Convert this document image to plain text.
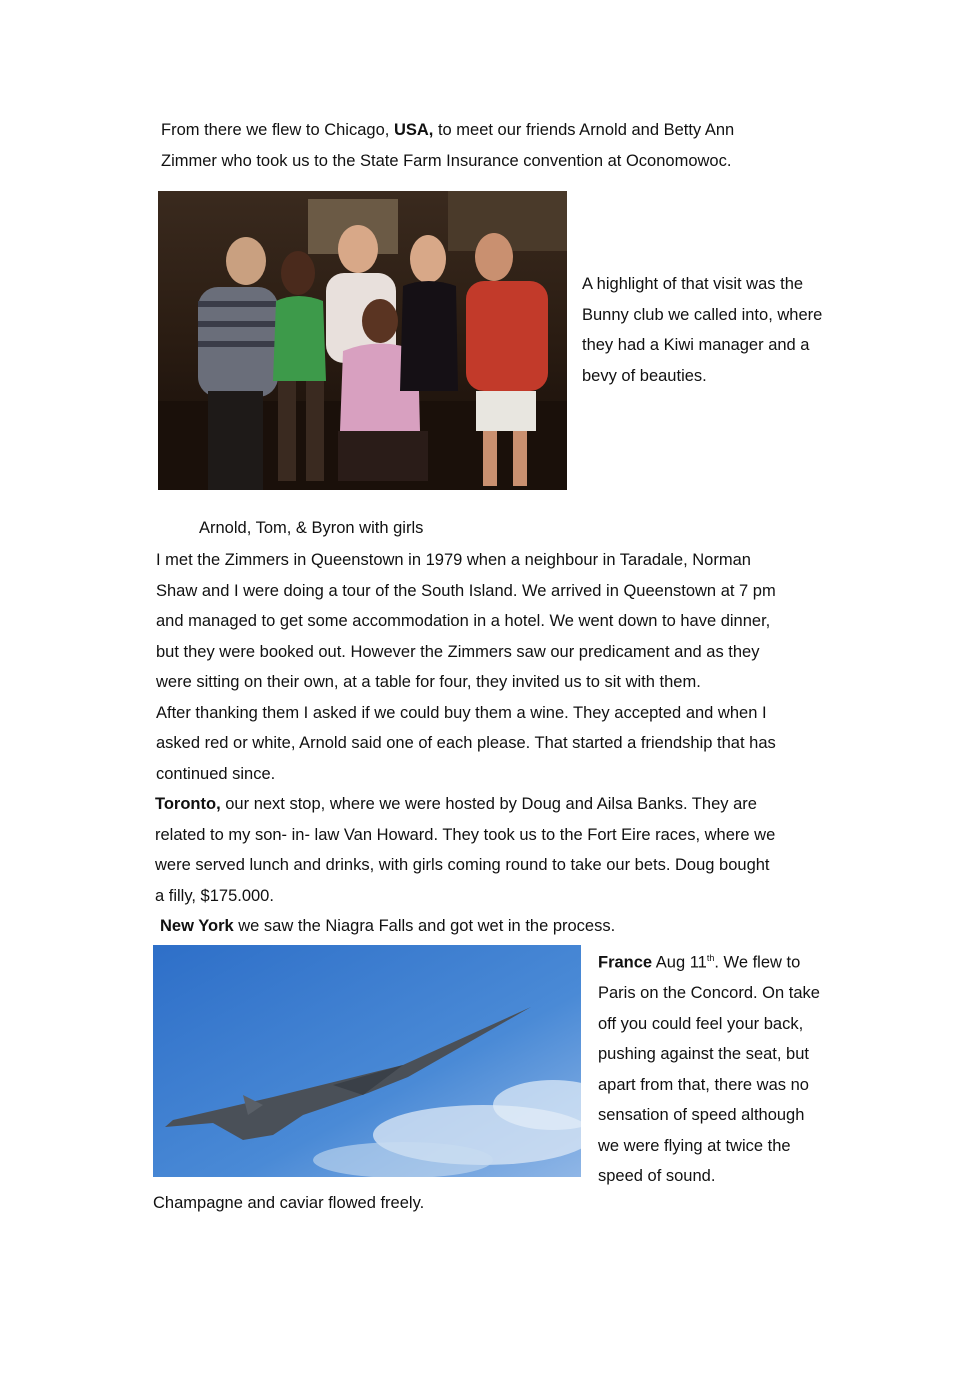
From there we flew to Chicago, USA, to meet our friends Arnold and Betty Ann
Zimmer who took us to the State Farm Insurance convention at Oconomowoc.
A highlight of that visit was the
Bunny club we called into, where
they had a Kiwi manager and a
bevy of beauties.
Arnold, Tom, & Byron with girls
I met the Zimmers in Queenstown in 1979 when a neighbour in Taradale, Norman
Shaw and I were doing a tour of the South Island. We arrived in Queenstown at 7 pm
and managed to get some accommodation in a hotel. We went down to have dinner,
but they were booked out. However the Zimmers saw our predicament and as they
were sitting on their own, at a table for four, they invited us to sit with them.
After thanking them I asked if we could buy them a wine. They accepted and when I
asked red or white, Arnold said one of each please. That started a friendship that has
continued since.
Toronto, our next stop, where we were hosted by Doug and Ailsa Banks. They are
related to my son- in- law Van Howard. They took us to the Fort Eire races, where we
were served lunch and drinks, with girls coming round to take our bets. Doug bought
a filly, $175.000.
New York we saw the Niagra Falls and got wet in the process.
France Aug 11th. We flew to
Paris on the Concord. On take
off you could feel your back,
pushing against the seat, but
apart from that, there was no
sensation of speed although
we were flying at twice the
speed of sound.
Champagne and caviar flowed freely.
